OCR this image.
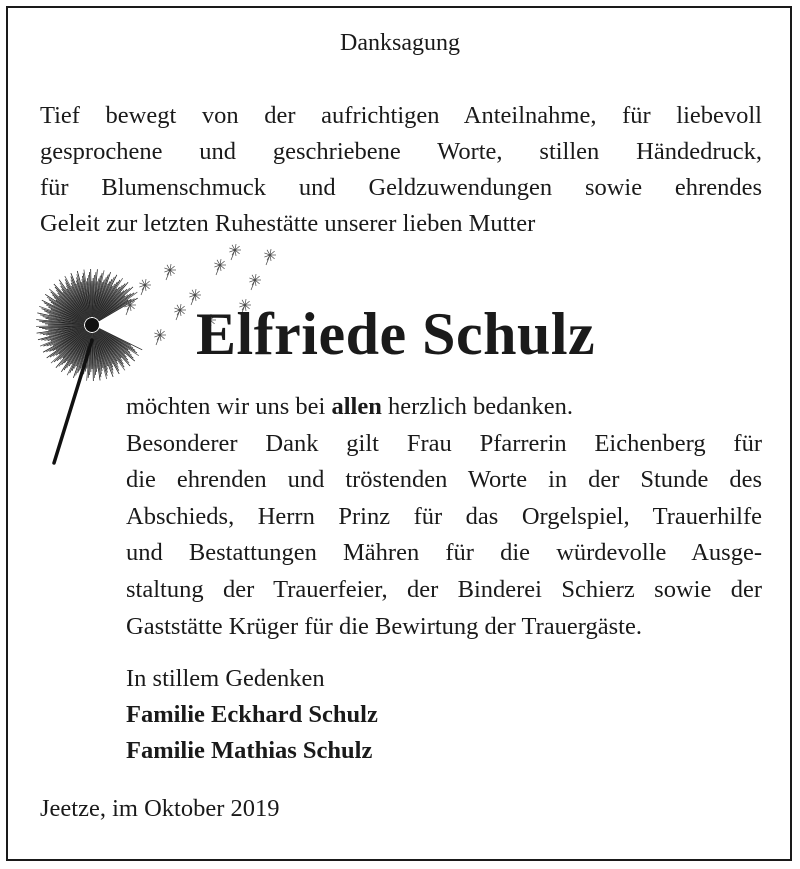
Danksagung
Tief bewegt von der aufrichtigen Anteilnahme, für liebevoll
gesprochene und geschriebene Worte, stillen Händedruck,
für Blumenschmuck und Geldzuwendungen sowie ehrendes
Geleit zur letzten Ruhestätte unserer lieben Mutter
Elfriede Schulz
möchten wir uns bei allen herzlich bedanken.
Besonderer Dank gilt Frau Pfarrerin Eichenberg für
die ehrenden und tröstenden Worte in der Stunde des
Abschieds, Herrn Prinz für das Orgelspiel, Trauerhilfe
und Bestattungen Mähren für die würdevolle Ausge-
staltung der Trauerfeier, der Binderei Schierz sowie der
Gaststätte Krüger für die Bewirtung der Trauergäste.
In stillem Gedenken
Familie Eckhard Schulz
Familie Mathias Schulz
Jeetze, im Oktober 2019
